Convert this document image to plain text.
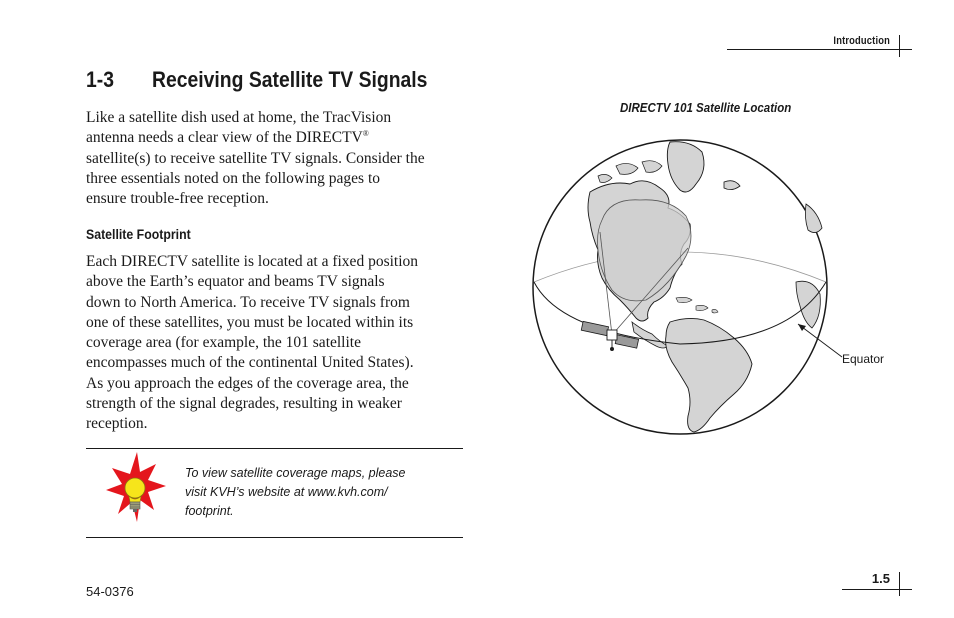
Introduction
1-3 Receiving Satellite TV Signals
Like a satellite dish used at home, the TracVision
antenna needs a clear view of the DIRECTV®
satellite(s) to receive satellite TV signals. Consider the
three essentials noted on the following pages to
ensure trouble-free reception.
Satellite Footprint
Each DIRECTV satellite is located at a fixed position
above the Earth’s equator and beams TV signals
down to North America. To receive TV signals from
one of these satellites, you must be located within its
coverage area (for example, the 101 satellite
encompasses much of the continental United States).
As you approach the edges of the coverage area, the
strength of the signal degrades, resulting in weaker
reception.
To view satellite coverage maps, please
visit KVH’s website at www.kvh.com/
footprint.
DIRECTV 101 Satellite Location
Equator
54-0376
1.5
